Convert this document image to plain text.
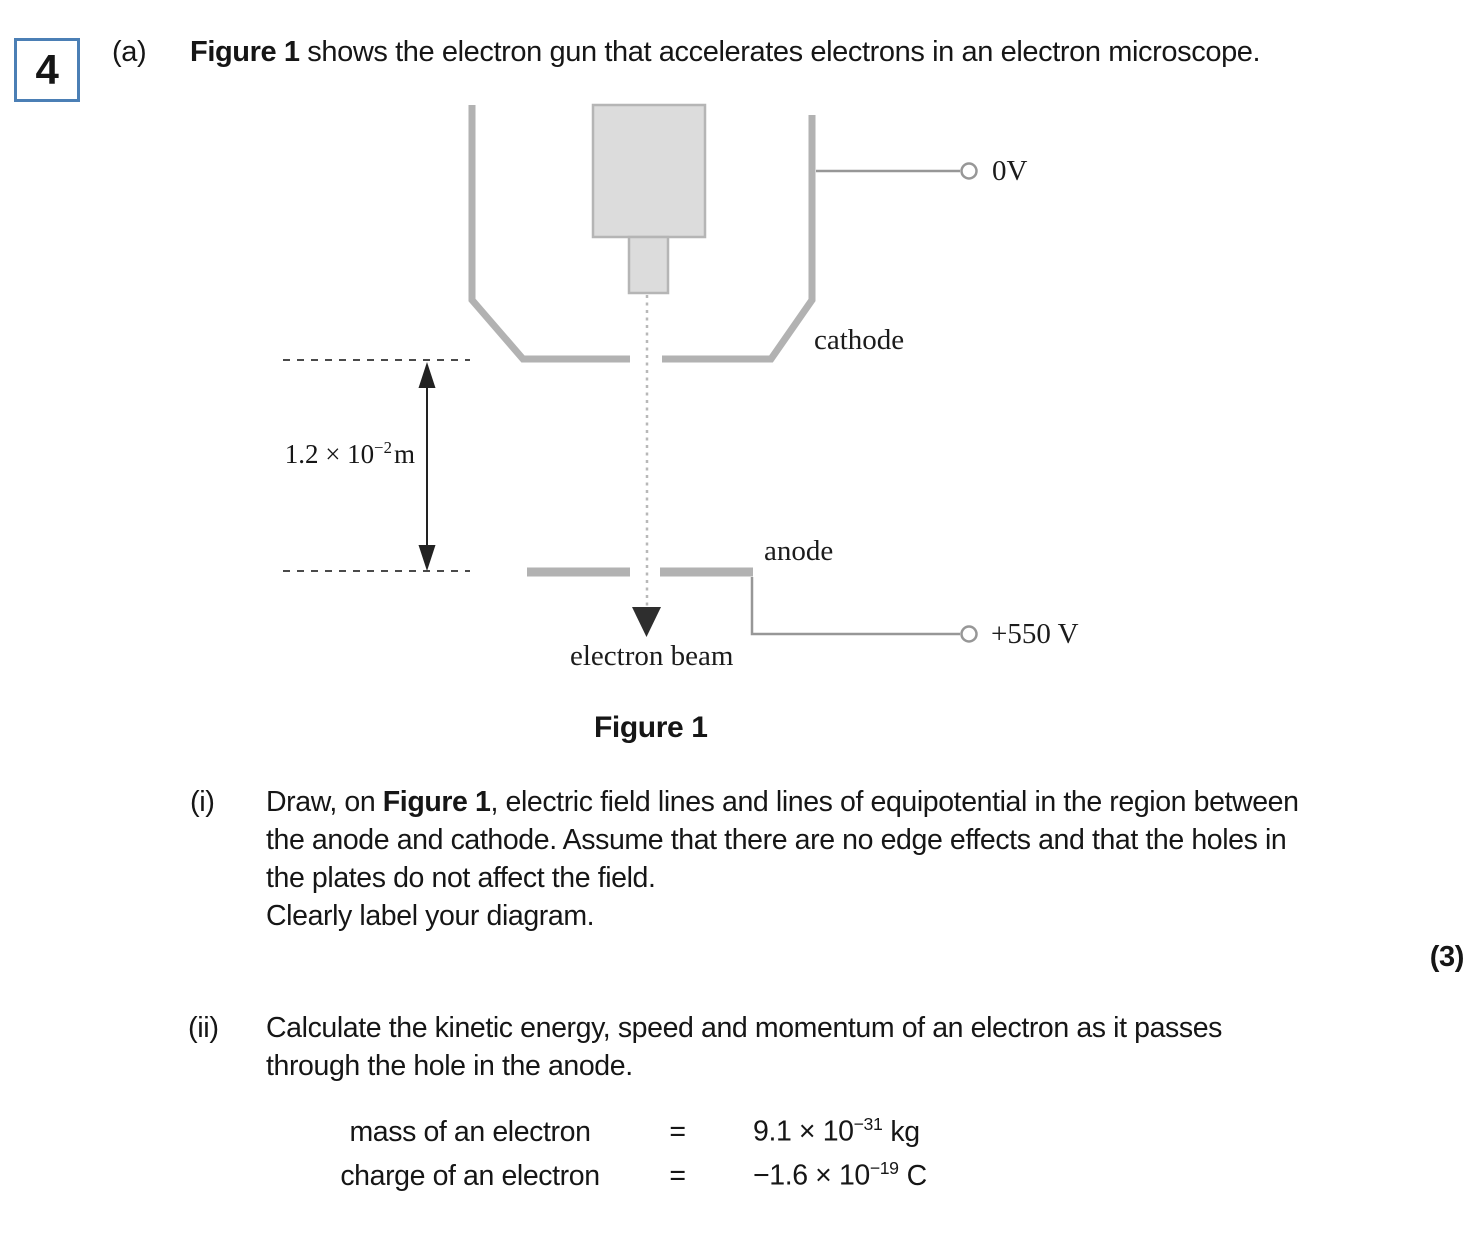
4 (a) Figure 1 shows the electron gun that accelerates electrons in an electron microscope.
0V
cathode
anode
+550 V
electron beam
$1.2 \times 10^{-2}m$
Figure 1
(i) Draw, on Figure 1, electric field lines and lines of equipotential in the region between
the anode and cathode. Assume that there are no edge effects and that the holes in
the plates do not affect the field.
Clearly label your diagram.
(3)
(ii) Calculate the kinetic energy, speed and momentum of an electron as it passes
through the hole in the anode.
mass of an electron	=	$9.1 \times 10^{-31}$ kg
charge of an electron	=	$-1.6 \times 10^{-19}$ C
